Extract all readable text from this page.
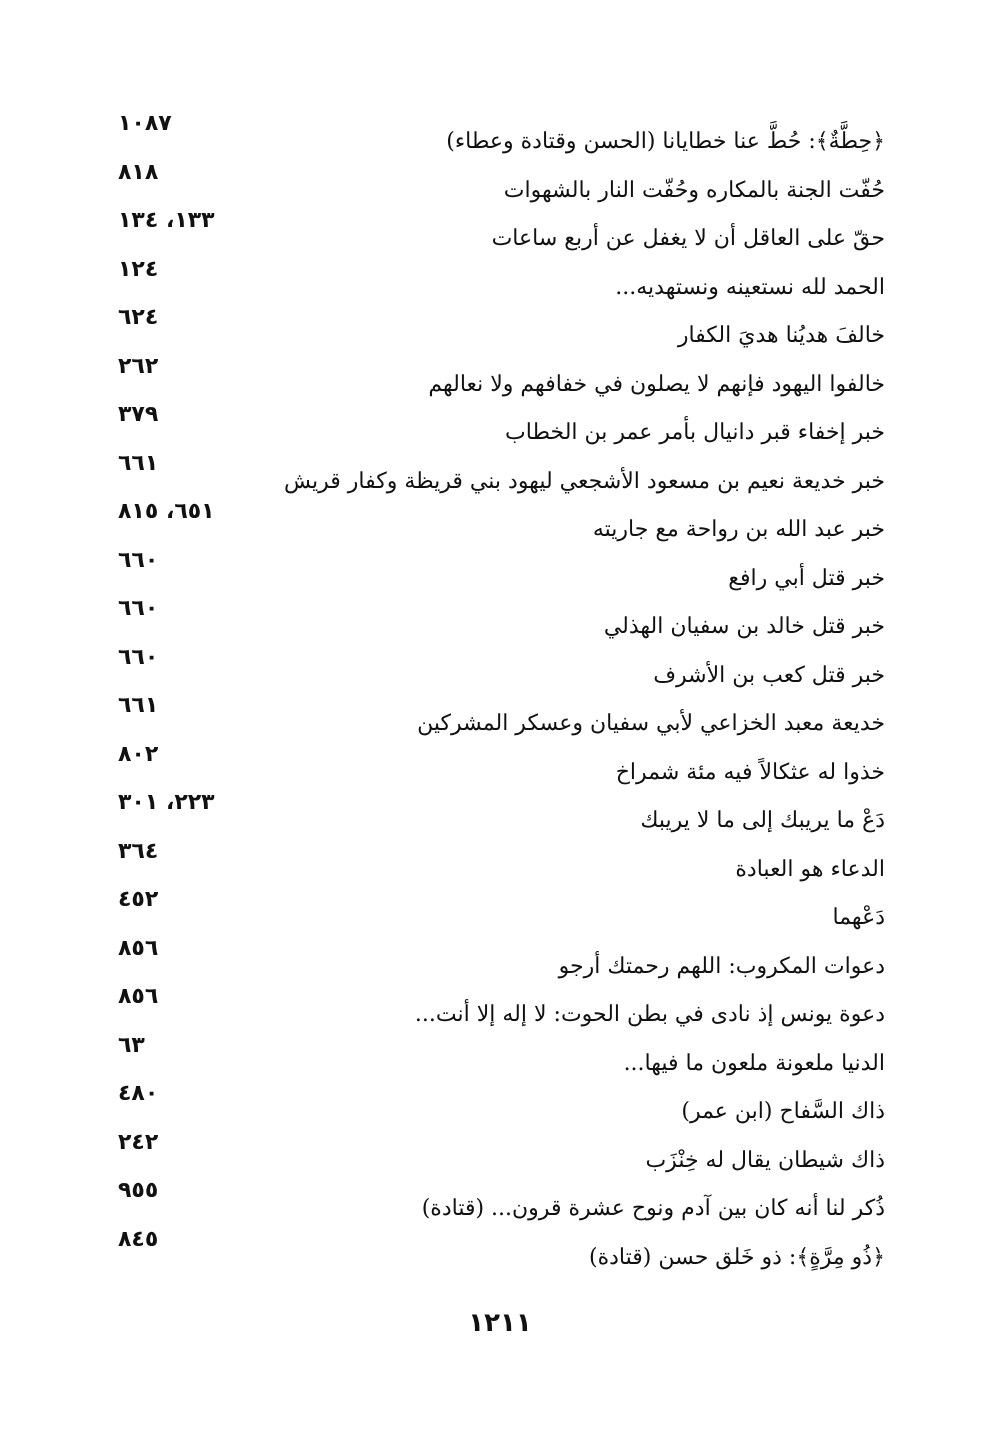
﴿حِطَّةٌ﴾: حُطَّ عنا خطايانا (الحسن وقتادة وعطاء)
١٠٨٧
حُفّت الجنة بالمكاره وحُفّت النار بالشهوات
٨١٨
حقّ على العاقل أن لا يغفل عن أربع ساعات
١٣٣، ١٣٤
الحمد لله نستعينه ونستهديه...
١٢٤
خالفَ هديُنا هديَ الكفار
٦٢٤
خالفوا اليهود فإنهم لا يصلون في خفافهم ولا نعالهم
٢٦٢
خبر إخفاء قبر دانيال بأمر عمر بن الخطاب
٣٧٩
خبر خديعة نعيم بن مسعود الأشجعي ليهود بني قريظة وكفار قريش
٦٦١
خبر عبد الله بن رواحة مع جاريته
٦٥١، ٨١٥
خبر قتل أبي رافع
٦٦٠
خبر قتل خالد بن سفيان الهذلي
٦٦٠
خبر قتل كعب بن الأشرف
٦٦٠
خديعة معبد الخزاعي لأبي سفيان وعسكر المشركين
٦٦١
خذوا له عثكالاً فيه مئة شمراخ
٨٠٢
دَعْ ما يريبك إلى ما لا يريبك
٢٢٣، ٣٠١
الدعاء هو العبادة
٣٦٤
دَعْهما
٤٥٢
دعوات المكروب: اللهم رحمتك أرجو
٨٥٦
دعوة يونس إذ نادى في بطن الحوت: لا إله إلا أنت...
٨٥٦
الدنيا ملعونة ملعون ما فيها...
٦٣
ذاك السَّفاح (ابن عمر)
٤٨٠
ذاك شيطان يقال له خِنْزَب
٢٤٢
ذُكر لنا أنه كان بين آدم ونوح عشرة قرون... (قتادة)
٩٥٥
﴿ذُو مِرَّةٍ﴾: ذو خَلق حسن (قتادة)
٨٤٥
١٢١١
